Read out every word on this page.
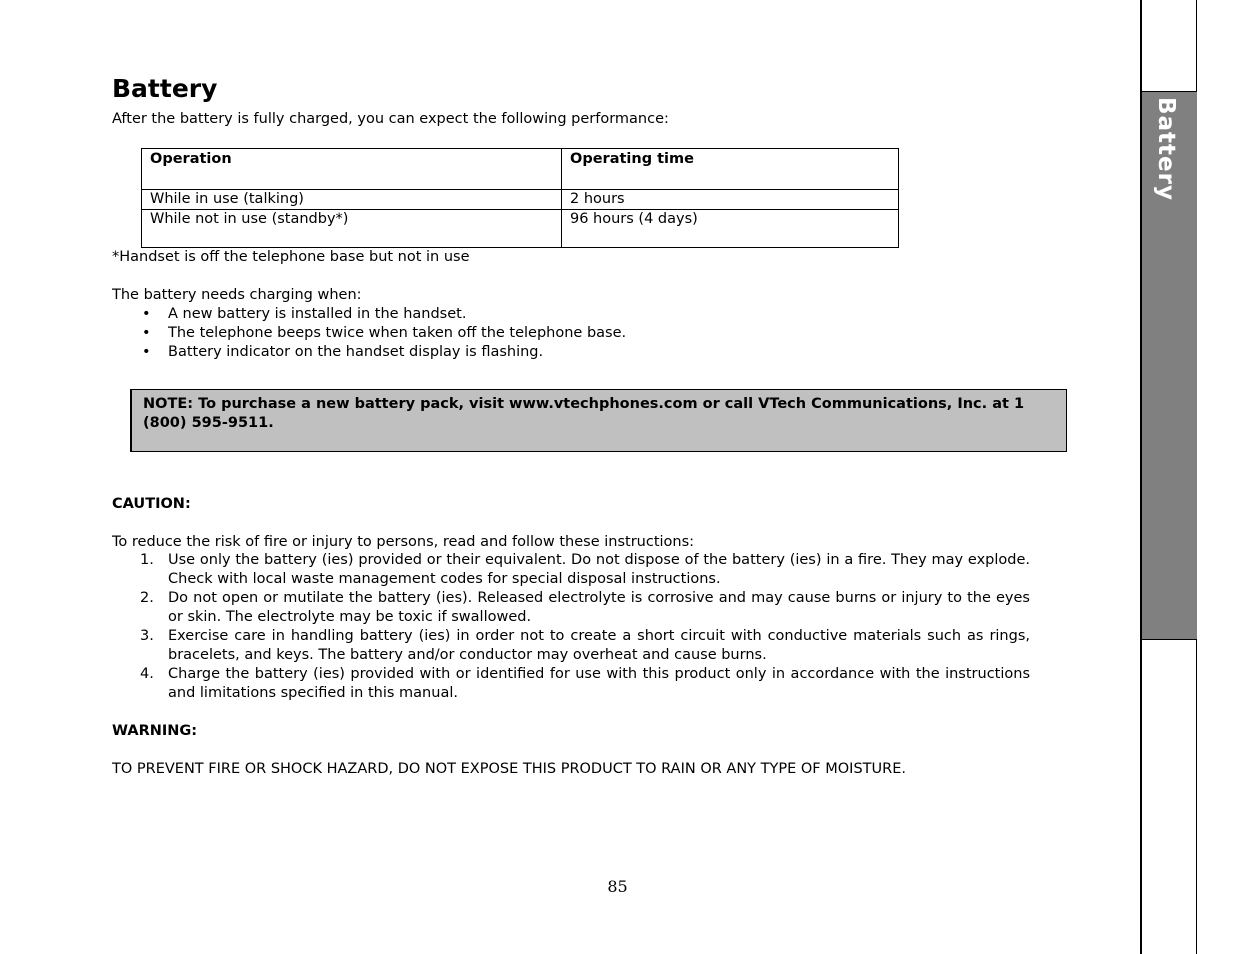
Battery

After the battery is fully charged, you can expect the following performance:

Operation	Operating time
While in use (talking)	2 hours
While not in use (standby*)	96 hours (4 days)

*Handset is off the telephone base but not in use

The battery needs charging when:

• A new battery is installed in the handset.
• The telephone beeps twice when taken off the telephone base.
• Battery indicator on the handset display is flashing.
NOTE: To purchase a new battery pack, visit www.vtechphones.com or call VTech Communications, Inc. at 1 (800) 595-9511.

CAUTION:

To reduce the risk of fire or injury to persons, read and follow these instructions:

1. Use only the battery (ies) provided or their equivalent. Do not dispose of the battery (ies) in a fire. They may explode. Check with local waste management codes for special disposal instructions.
2. Do not open or mutilate the battery (ies). Released electrolyte is corrosive and may cause burns or injury to the eyes or skin. The electrolyte may be toxic if swallowed.
3. Exercise care in handling battery (ies) in order not to create a short circuit with conductive materials such as rings, bracelets, and keys. The battery and/or conductor may overheat and cause burns.
4. Charge the battery (ies) provided with or identified for use with this product only in accordance with the instructions and limitations specified in this manual.

WARNING:

TO PREVENT FIRE OR SHOCK HAZARD, DO NOT EXPOSE THIS PRODUCT TO RAIN OR ANY TYPE OF MOISTURE.

85
Battery
